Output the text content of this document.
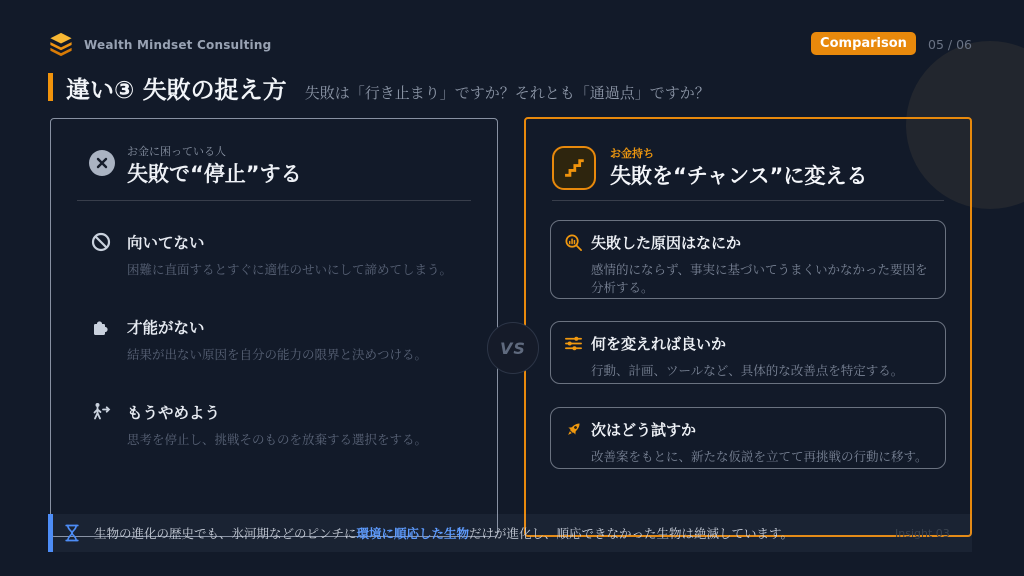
Wealth Mindset Consulting	Comparison	05 / 06
違い③ 失敗の捉え方 失敗は「行き止まり」ですか？それとも「通過点」ですか？
お金に困っている人
失敗で“停止”する
向いてない
困難に直面するとすぐに適性のせいにして諦めてしまう。
才能がない
結果が出ない原因を自分の能力の限界と決めつける。
もうやめよう
思考を停止し、挑戦そのものを放棄する選択をする。
VS
お金持ち
失敗を“チャンス”に変える
失敗した原因はなにか
感情的にならず、事実に基づいてうまくいかなかった要因を分析する。
何を変えれば良いか
行動、計画、ツールなど、具体的な改善点を特定する。
次はどう試すか
改善案をもとに、新たな仮説を立てて再挑戦の行動に移す。
生物の進化の歴史でも、氷河期などのピンチに環境に順応した生物だけが進化し、順応できなかった生物は絶滅しています。	Insight 03
